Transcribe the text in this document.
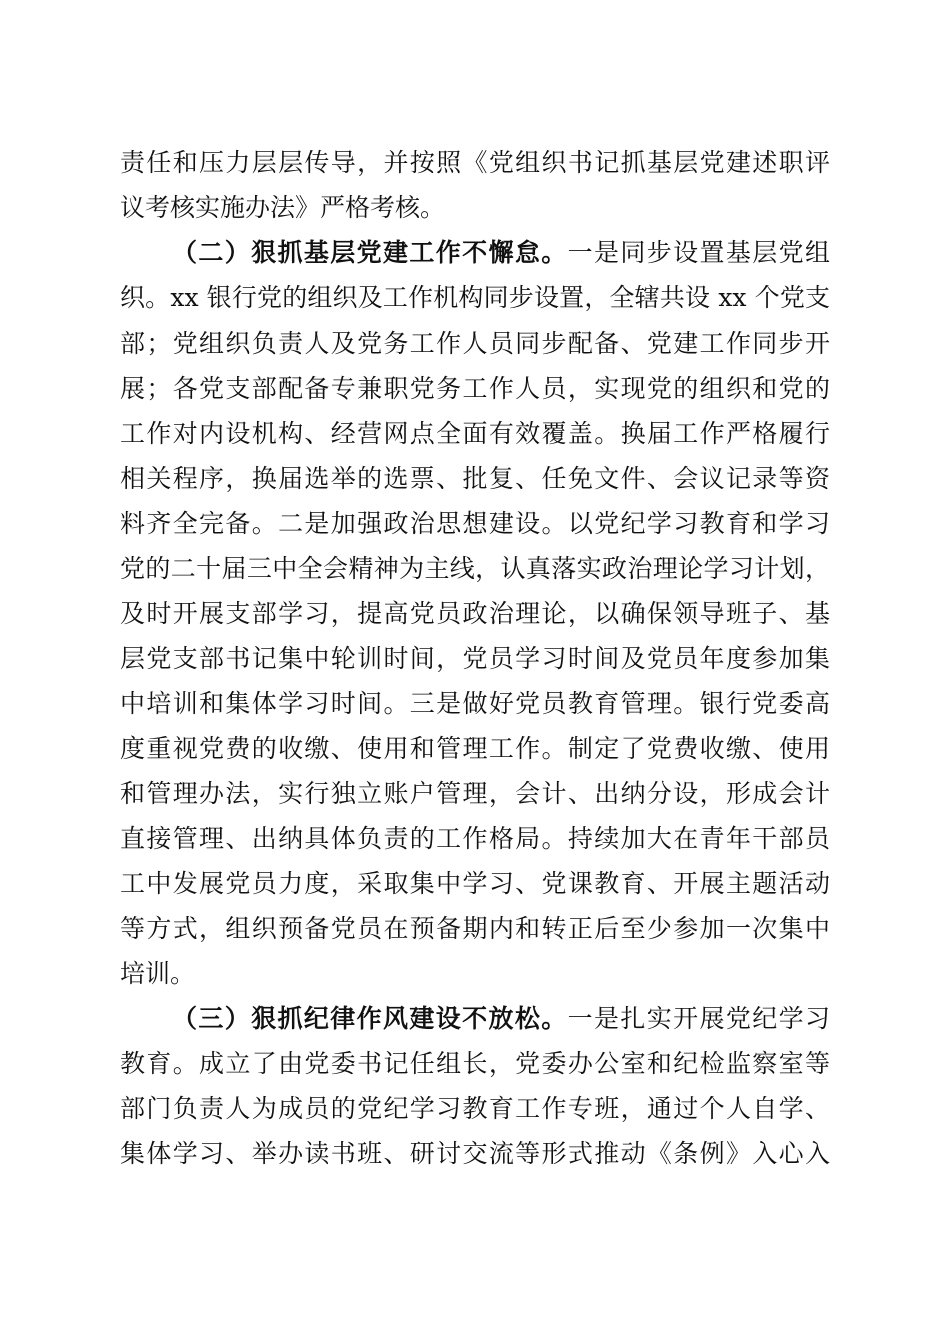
责任和压力层层传导，并按照《党组织书记抓基层党建述职评
议考核实施办法》严格考核。
（二）狠抓基层党建工作不懈怠。一是同步设置基层党组
织。xx 银行党的组织及工作机构同步设置，全辖共设 xx 个党支
部；党组织负责人及党务工作人员同步配备、党建工作同步开
展；各党支部配备专兼职党务工作人员，实现党的组织和党的
工作对内设机构、经营网点全面有效覆盖。换届工作严格履行
相关程序，换届选举的选票、批复、任免文件、会议记录等资
料齐全完备。二是加强政治思想建设。以党纪学习教育和学习
党的二十届三中全会精神为主线，认真落实政治理论学习计划，
及时开展支部学习，提高党员政治理论，以确保领导班子、基
层党支部书记集中轮训时间，党员学习时间及党员年度参加集
中培训和集体学习时间。三是做好党员教育管理。银行党委高
度重视党费的收缴、使用和管理工作。制定了党费收缴、使用
和管理办法，实行独立账户管理，会计、出纳分设，形成会计
直接管理、出纳具体负责的工作格局。持续加大在青年干部员
工中发展党员力度，采取集中学习、党课教育、开展主题活动
等方式，组织预备党员在预备期内和转正后至少参加一次集中
培训。
（三）狠抓纪律作风建设不放松。一是扎实开展党纪学习
教育。成立了由党委书记任组长，党委办公室和纪检监察室等
部门负责人为成员的党纪学习教育工作专班，通过个人自学、
集体学习、举办读书班、研讨交流等形式推动《条例》入心入
